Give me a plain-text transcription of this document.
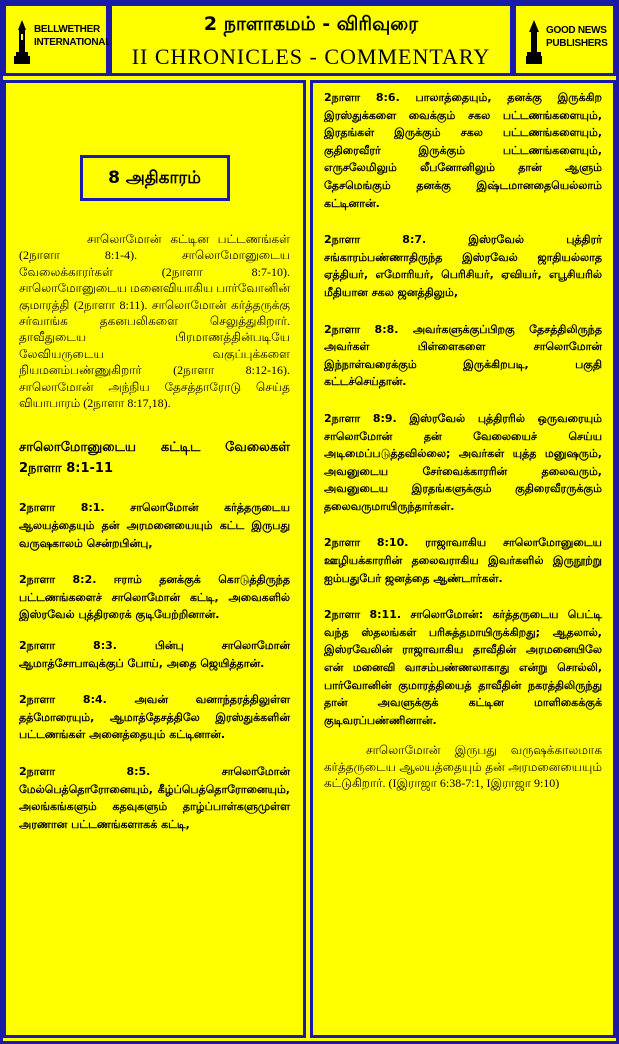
BELLWETHER
INTERNATIONAL
2 நாளாகமம் - விரிவுரை
II CHRONICLES - COMMENTARY
GOOD NEWS
PUBLISHERS
8 அதிகாரம்

சாலொமோன் கட்டின பட்டணங்கள் (2நாளா 8:1-4). சாலொமோனுடைய வேலைக்காரர்கள் (2நாளா 8:7-10). சாலொமோனுடைய மனைவியாகிய பார்வோனின் குமாரத்தி (2நாளா 8:11). சாலொமோன் கர்த்தருக்கு சர்வாங்க தகனபலிகளை செலுத்துகிறார். தாவீதுடைய பிரமாணத்தின்படியே லேவியருடைய வகுப்புக்களை நியமனம்பண்ணுகிறார் (2நாளா 8:12-16). சாலொமோன் அந்நிய தேசத்தாரோடு செய்த வியாபாரம் (2நாளா 8:17,18).

சாலொமோனுடைய கட்டிட வேலைகள் 2நாளா 8:1-11

2நாளா 8:1. சாலொமோன் கர்த்தருடைய ஆலயத்தையும் தன் அரமனையையும் கட்ட இருபது வருஷகாலம் சென்றபின்பு,

2நாளா 8:2. ஈராம் தனக்குக் கொடுத்திருந்த பட்டணங்களைச் சாலொமோன் கட்டி, அவைகளில் இஸ்ரவேல் புத்திரரைக் குடியேற்றினான்.

2நாளா 8:3. பின்பு சாலொமோன் ஆமாத்சோபாவுக்குப் போய், அதை ஜெயித்தான்.

2நாளா 8:4. அவன் வனாந்தரத்திலுள்ள தத்மோரையும், ஆமாத்தேசத்திலே இரஸ்துக்களின் பட்டணங்கள் அனைத்தையும் கட்டினான்.

2நாளா 8:5. சாலொமோன் மேல்பெத்தொரோனையும், கீழ்ப்பெத்தொரோனையும், அலங்கங்களும் கதவுகளும் தாழ்ப்பாள்களுமுள்ள அரணான பட்டணங்களாகக் கட்டி,

2நாளா 8:6. பாலாத்தையும், தனக்கு இருக்கிற இரஸ்துக்களை வைக்கும் சகல பட்டணங்களையும், இரதங்கள் இருக்கும் சகல பட்டணங்களையும், குதிரைவீரர் இருக்கும் பட்டணங்களையும், எருசலேமிலும் லீபனோனிலும் தான் ஆளும் தேசமெங்கும் தனக்கு இஷ்டமானதையெல்லாம் கட்டினான்.

2நாளா 8:7. இஸ்ரவேல் புத்திரர் சங்காரம்பண்ணாதிருந்த இஸ்ரவேல் ஜாதியல்லாத ஏத்தியர், எமோரியர், பெரிசியர், ஏவியர், எபூசியரில் மீதியான சகல ஜனத்திலும்,

2நாளா 8:8. அவர்களுக்குப்பிறகு தேசத்திலிருந்த அவர்கள் பிள்ளைகளை சாலொமோன் இந்நாள்வரைக்கும் இருக்கிறபடி, பகுதி கட்டச்செய்தான்.

2நாளா 8:9. இஸ்ரவேல் புத்திரரில் ஒருவரையும் சாலொமோன் தன் வேலையைச் செய்ய அடிமைப்படுத்தவில்லை; அவர்கள் யுத்த மனுஷரும், அவனுடைய சேர்வைக்காரரின் தலைவரும், அவனுடைய இரதங்களுக்கும் குதிரைவீரருக்கும் தலைவருமாயிருந்தார்கள்.

2நாளா 8:10. ராஜாவாகிய சாலொமோனுடைய ஊழியக்காரரின் தலைவராகிய இவர்களில் இருநூற்று ஐம்பதுபேர் ஜனத்தை ஆண்டார்கள்.

2நாளா 8:11. சாலொமோன்: கர்த்தருடைய பெட்டி வந்த ஸ்தலங்கள் பரிசுத்தமாயிருக்கிறது; ஆதலால், இஸ்ரவேலின் ராஜாவாகிய தாவீதின் அரமனையிலே என் மனைவி வாசம்பண்ணலாகாது என்று சொல்லி, பார்வோனின் குமாரத்தியைத் தாவீதின் நகரத்திலிருந்து தான் அவளுக்குக் கட்டின மாளிகைக்குக் குடிவரப்பண்ணினான்.

சாலொமோன் இருபது வருஷக்காலமாக கர்த்தருடைய ஆலயத்தையும் தன் அரமனையையும் கட்டுகிறார். (Iஇராஜா 6:38-7:1, Iஇராஜா 9:10)
